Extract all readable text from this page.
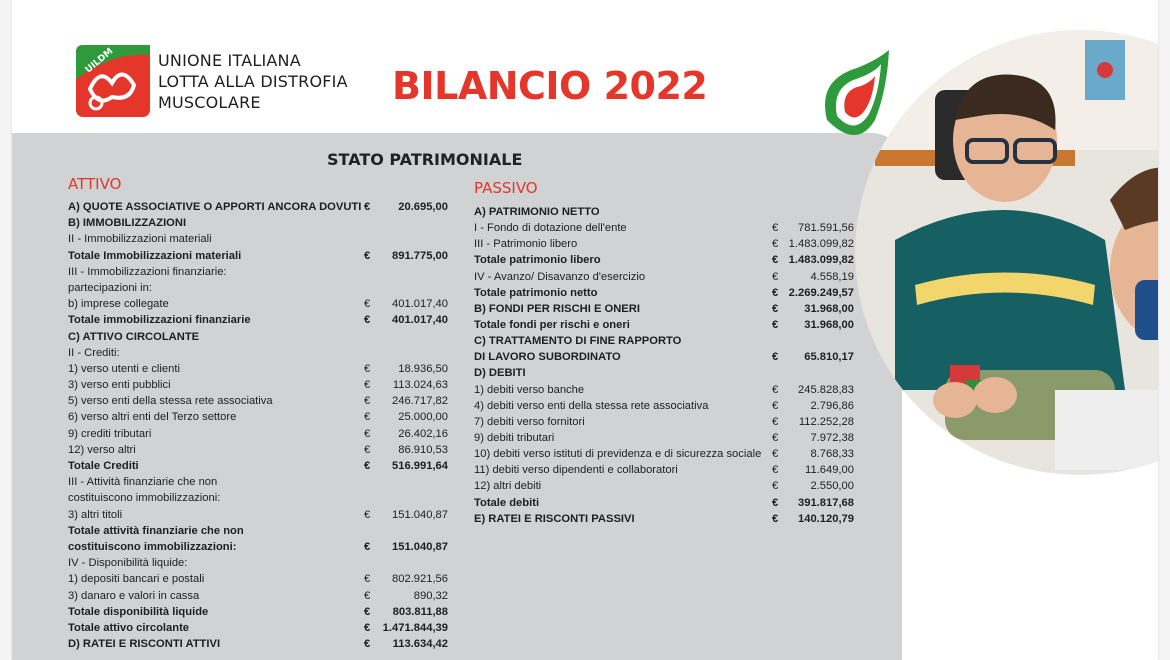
UILDM	UNIONE ITALIANA
LOTTA ALLA DISTROFIA
MUSCOLARE	BILANCIO 2022
STATO PATRIMONIALE
ATTIVO	PASSIVO
A) QUOTE ASSOCIATIVE O APPORTI ANCORA DOVUTI €	20.695,00
B) IMMOBILIZZAZIONI
II - Immobilizzazioni materiali
Totale Immobilizzazioni materiali	€	891.775,00
III - Immobilizzazioni finanziarie:
partecipazioni in:
b) imprese collegate	€	401.017,40
Totale immobilizzazioni finanziarie	€	401.017,40
C) ATTIVO CIRCOLANTE
II - Crediti:
1) verso utenti e clienti	€	18.936,50
3) verso enti pubblici	€	113.024,63
5) verso enti della stessa rete associativa	€	246.717,82
6) verso altri enti del Terzo settore	€	25.000,00
9) crediti tributari	€	26.402,16
12) verso altri	€	86.910,53
Totale Crediti	€	516.991,64
III - Attività finanziarie che non
costituiscono immobilizzazioni:
3) altri titoli	€	151.040,87
Totale attività finanziarie che non
costituiscono immobilizzazioni:	€	151.040,87
IV - Disponibilità liquide:
1) depositi bancari e postali	€	802.921,56
3) danaro e valori in cassa	€	890,32
Totale disponibilità liquide	€	803.811,88
Totale attivo circolante	€	1.471.844,39
D) RATEI E RISCONTI ATTIVI	€	113.634,42
A) PATRIMONIO NETTO
I - Fondo di dotazione dell'ente	€	781.591,56
III - Patrimonio libero	€ 1.483.099,82
Totale patrimonio libero	€ 1.483.099,82
IV - Avanzo/ Disavanzo d'esercizio	€	4.558,19
Totale patrimonio netto	€ 2.269.249,57
B) FONDI PER RISCHI E ONERI	€	31.968,00
Totale fondi per rischi e oneri	€	31.968,00
C) TRATTAMENTO DI FINE RAPPORTO
DI LAVORO SUBORDINATO	€	65.810,17
D) DEBITI
1) debiti verso banche	€	245.828,83
4) debiti verso enti della stessa rete associativa	€	2.796,86
7) debiti verso fornitori	€	112.252,28
9) debiti tributari	€	7.972,38
10) debiti verso istituti di previdenza e di sicurezza sociale €	8.768,33
11) debiti verso dipendenti e collaboratori	€	11.649,00
12) altri debiti	€	2.550,00
Totale debiti	€	391.817,68
E) RATEI E RISCONTI PASSIVI	€	140.120,79
